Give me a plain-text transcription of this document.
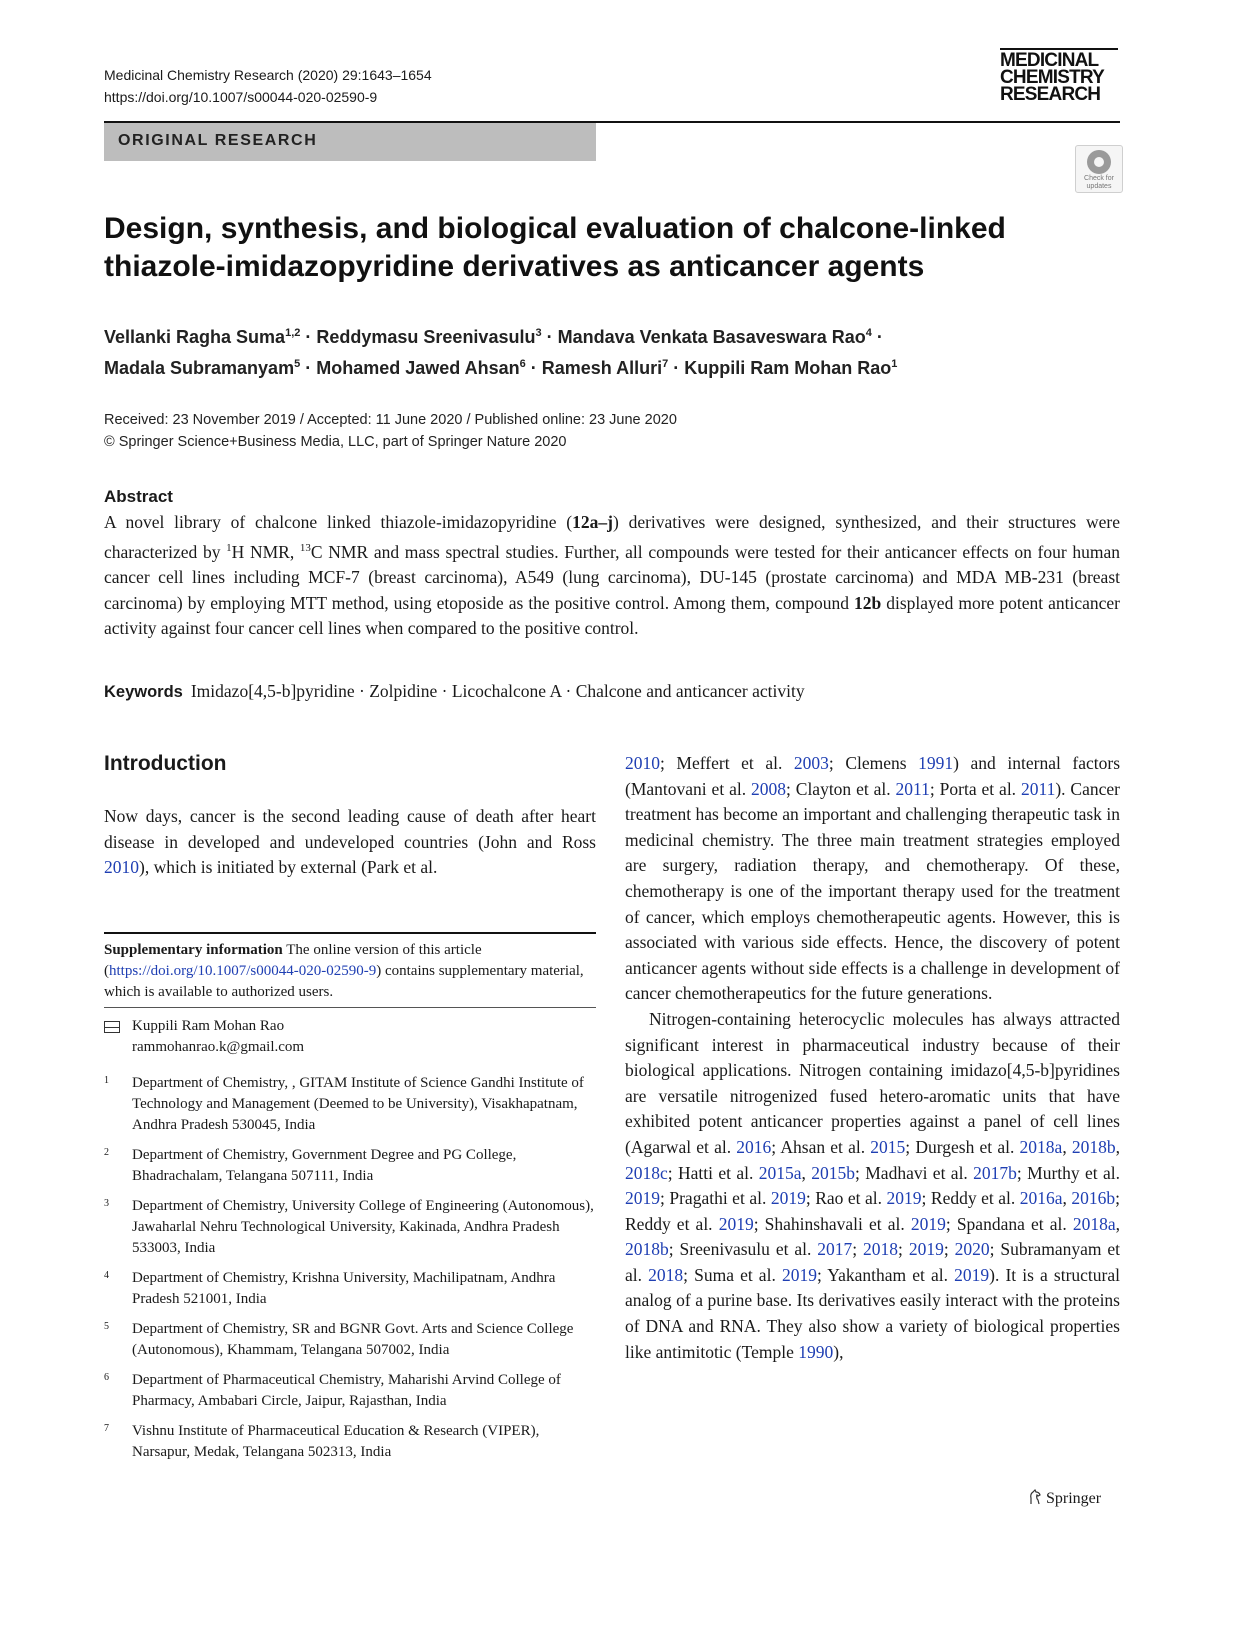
Medicinal Chemistry Research (2020) 29:1643–1654
https://doi.org/10.1007/s00044-020-02590-9
MEDICINAL
CHEMISTRY
RESEARCH
ORIGINAL RESEARCH
Check for updates
Design, synthesis, and biological evaluation of chalcone-linked
thiazole-imidazopyridine derivatives as anticancer agents
Vellanki Ragha Suma$^{1,2}$ · Reddymasu Sreenivasulu$^3$ · Mandava Venkata Basaveswara Rao$^4$ ·
Madala Subramanyam$^5$ · Mohamed Jawed Ahsan$^6$ · Ramesh Alluri$^7$ · Kuppili Ram Mohan Rao$^1$
Received: 23 November 2019 / Accepted: 11 June 2020 / Published online: 23 June 2020
© Springer Science+Business Media, LLC, part of Springer Nature 2020
Abstract
A novel library of chalcone linked thiazole-imidazopyridine (12a–j) derivatives were designed, synthesized, and their structures were characterized by $^1$H NMR, $^{13}$C NMR and mass spectral studies. Further, all compounds were tested for their anticancer effects on four human cancer cell lines including MCF-7 (breast carcinoma), A549 (lung carcinoma), DU-145 (prostate carcinoma) and MDA MB-231 (breast carcinoma) by employing MTT method, using etoposide as the positive control. Among them, compound 12b displayed more potent anticancer activity against four cancer cell lines when compared to the positive control.
Keywords Imidazo[4,5-b]pyridine · Zolpidine · Licochalcone A · Chalcone and anticancer activity
Introduction
Now days, cancer is the second leading cause of death after heart disease in developed and undeveloped countries (John and Ross 2010), which is initiated by external (Park et al.
Supplementary information The online version of this article (https://doi.org/10.1007/s00044-020-02590-9) contains supplementary material, which is available to authorized users.
Kuppili Ram Mohan Rao
rammohanrao.k@gmail.com
1 Department of Chemistry, , GITAM Institute of Science Gandhi Institute of Technology and Management (Deemed to be University), Visakhapatnam, Andhra Pradesh 530045, India
2 Department of Chemistry, Government Degree and PG College, Bhadrachalam, Telangana 507111, India
3 Department of Chemistry, University College of Engineering (Autonomous), Jawaharlal Nehru Technological University, Kakinada, Andhra Pradesh 533003, India
4 Department of Chemistry, Krishna University, Machilipatnam, Andhra Pradesh 521001, India
5 Department of Chemistry, SR and BGNR Govt. Arts and Science College (Autonomous), Khammam, Telangana 507002, India
6 Department of Pharmaceutical Chemistry, Maharishi Arvind College of Pharmacy, Ambabari Circle, Jaipur, Rajasthan, India
7 Vishnu Institute of Pharmaceutical Education & Research (VIPER), Narsapur, Medak, Telangana 502313, India
2010; Meffert et al. 2003; Clemens 1991) and internal factors (Mantovani et al. 2008; Clayton et al. 2011; Porta et al. 2011). Cancer treatment has become an important and challenging therapeutic task in medicinal chemistry. The three main treatment strategies employed are surgery, radiation therapy, and chemotherapy. Of these, chemotherapy is one of the important therapy used for the treatment of cancer, which employs chemotherapeutic agents. However, this is associated with various side effects. Hence, the discovery of potent anticancer agents without side effects is a challenge in development of cancer chemotherapeutics for the future generations.
Nitrogen-containing heterocyclic molecules has always attracted significant interest in pharmaceutical industry because of their biological applications. Nitrogen containing imidazo[4,5-b]pyridines are versatile nitrogenized fused hetero-aromatic units that have exhibited potent anticancer properties against a panel of cell lines (Agarwal et al. 2016; Ahsan et al. 2015; Durgesh et al. 2018a, 2018b, 2018c; Hatti et al. 2015a, 2015b; Madhavi et al. 2017b; Murthy et al. 2019; Pragathi et al. 2019; Rao et al. 2019; Reddy et al. 2016a, 2016b; Reddy et al. 2019; Shahinshavali et al. 2019; Spandana et al. 2018a, 2018b; Sreenivasulu et al. 2017; 2018; 2019; 2020; Subramanyam et al. 2018; Suma et al. 2019; Yakantham et al. 2019). It is a structural analog of a purine base. Its derivatives easily interact with the proteins of DNA and RNA. They also show a variety of biological properties like antimitotic (Temple 1990),
Springer
